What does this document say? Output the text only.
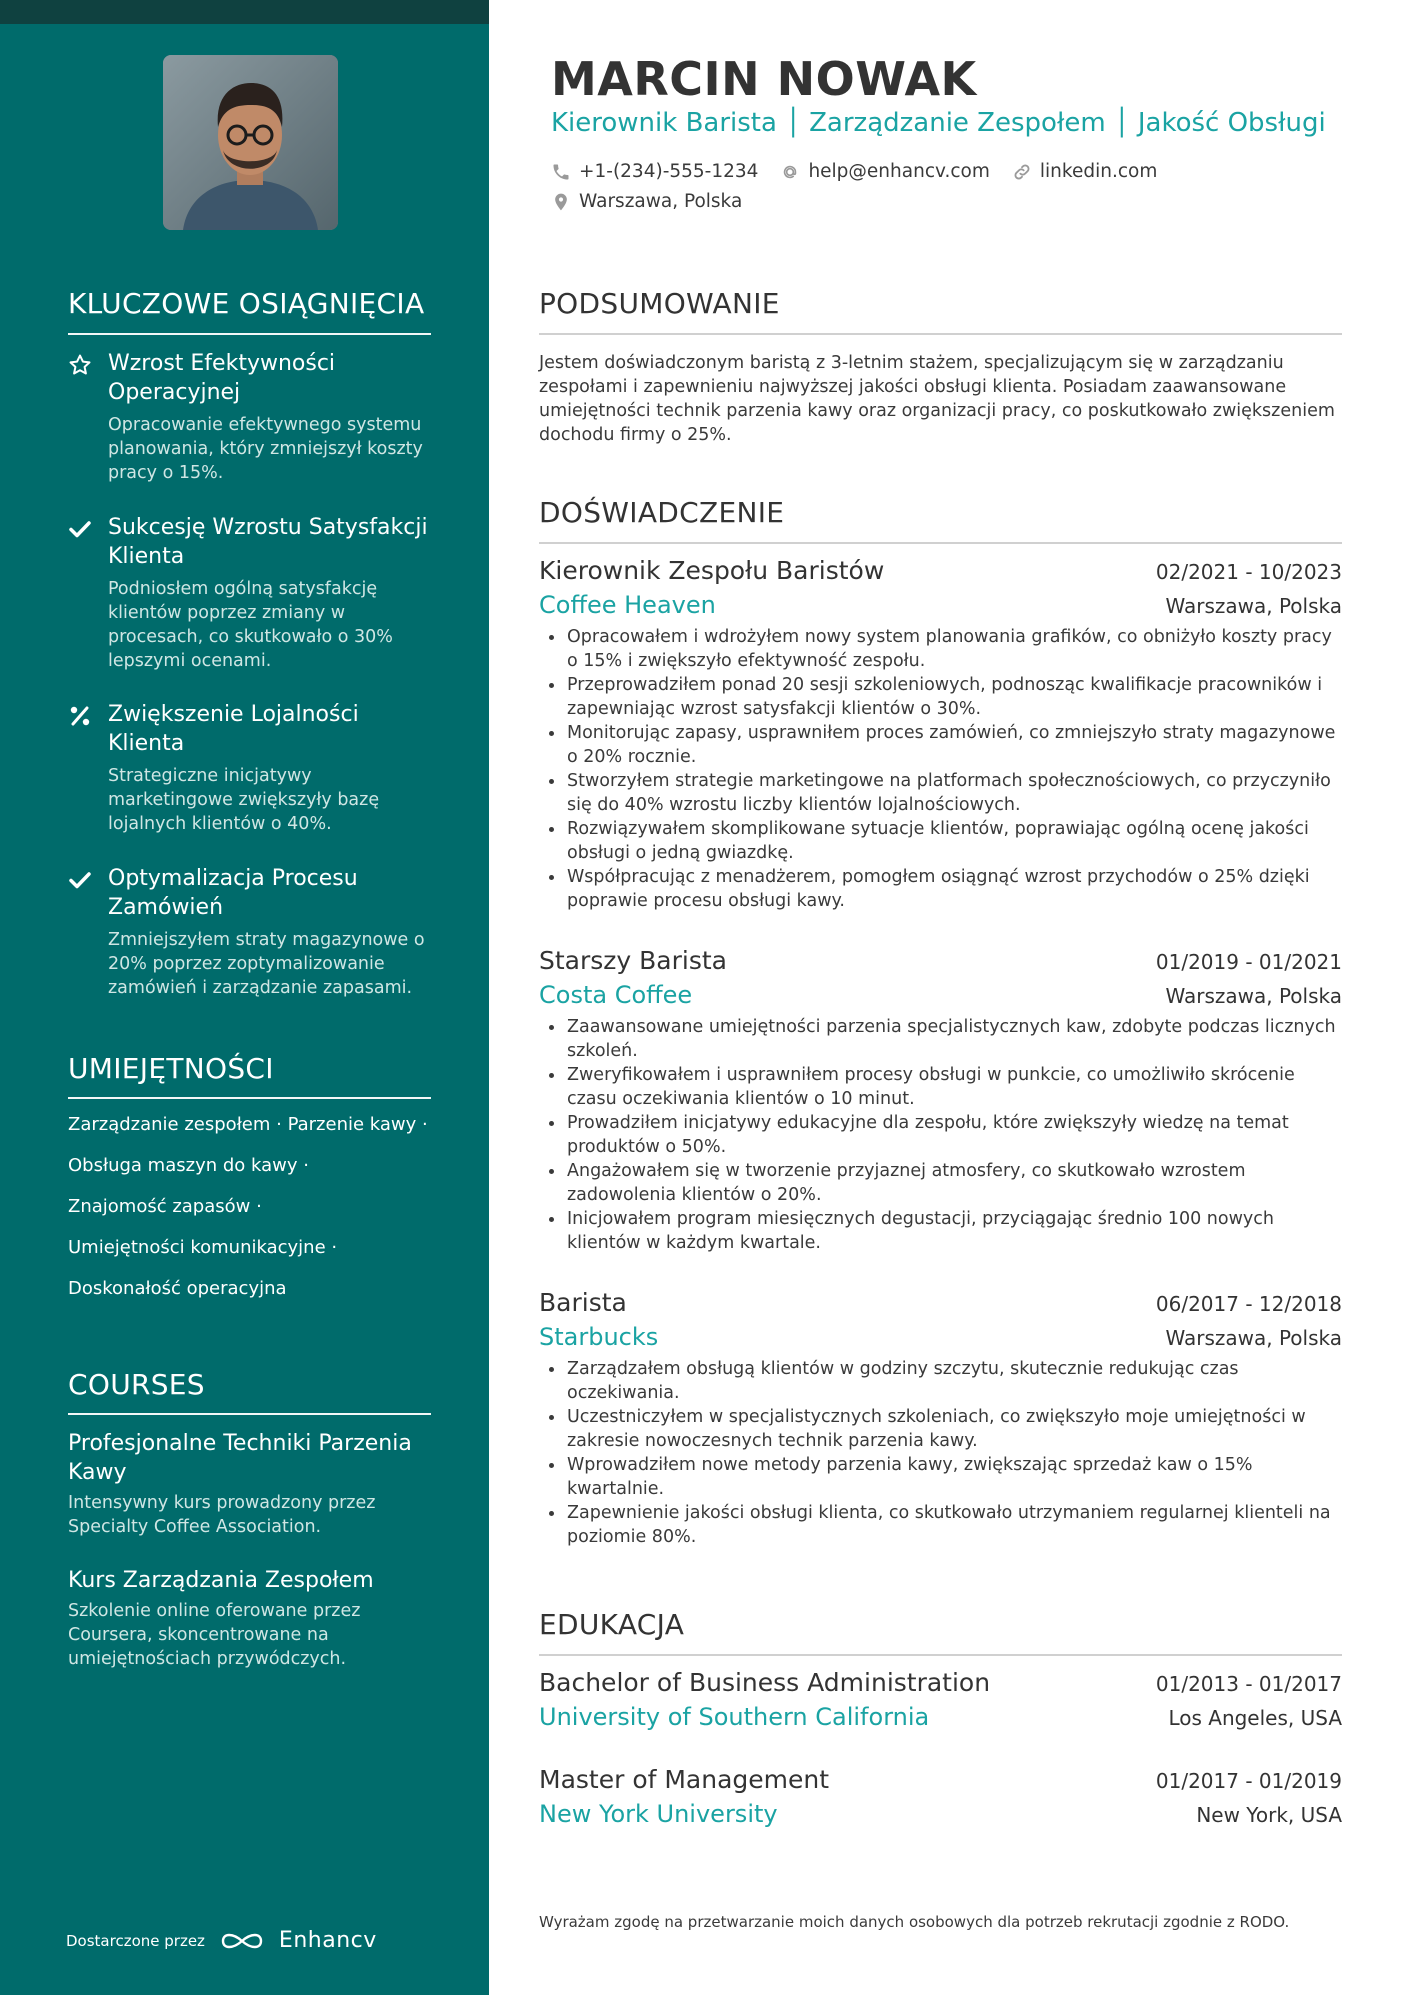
KLUCZOWE OSIĄGNIĘCIA
Wzrost Efektywności Operacyjnej
Opracowanie efektywnego systemu planowania, który zmniejszył koszty pracy o 15%.
Sukcesję Wzrostu Satysfakcji Klienta
Podniosłem ogólną satysfakcję klientów poprzez zmiany w procesach, co skutkowało o 30% lepszymi ocenami.
Zwiększenie Lojalności Klienta
Strategiczne inicjatywy marketingowe zwiększyły bazę lojalnych klientów o 40%.
Optymalizacja Procesu Zamówień
Zmniejszyłem straty magazynowe o 20% poprzez zoptymalizowanie zamówień i zarządzanie zapasami.
UMIEJĘTNOŚCI
Zarządzanie zespołem · Parzenie kawy ·
Obsługa maszyn do kawy ·
Znajomość zapasów ·
Umiejętności komunikacyjne ·
Doskonałość operacyjna
COURSES
Profesjonalne Techniki Parzenia Kawy
Intensywny kurs prowadzony przez Specialty Coffee Association.
Kurs Zarządzania Zespołem
Szkolenie online oferowane przez Coursera, skoncentrowane na umiejętnościach przywódczych.
Dostarczone przez	Enhancv
MARCIN NOWAK
Kierownik Barista │ Zarządzanie Zespołem │ Jakość Obsługi
+1-(234)-555-1234	help@enhancv.com	linkedin.com
Warszawa, Polska
PODSUMOWANIE
Jestem doświadczonym baristą z 3-letnim stażem, specjalizującym się w zarządzaniu zespołami i zapewnieniu najwyższej jakości obsługi klienta. Posiadam zaawansowane umiejętności technik parzenia kawy oraz organizacji pracy, co poskutkowało zwiększeniem dochodu firmy o 25%.
DOŚWIADCZENIE
Kierownik Zespołu Baristów	02/2021 - 10/2023
Coffee Heaven	Warszawa, Polska
Opracowałem i wdrożyłem nowy system planowania grafików, co obniżyło koszty pracy o 15% i zwiększyło efektywność zespołu.
Przeprowadziłem ponad 20 sesji szkoleniowych, podnosząc kwalifikacje pracowników i zapewniając wzrost satysfakcji klientów o 30%.
Monitorując zapasy, usprawniłem proces zamówień, co zmniejszyło straty magazynowe o 20% rocznie.
Stworzyłem strategie marketingowe na platformach społecznościowych, co przyczyniło się do 40% wzrostu liczby klientów lojalnościowych.
Rozwiązywałem skomplikowane sytuacje klientów, poprawiając ogólną ocenę jakości obsługi o jedną gwiazdkę.
Współpracując z menadżerem, pomogłem osiągnąć wzrost przychodów o 25% dzięki poprawie procesu obsługi kawy.
Starszy Barista	01/2019 - 01/2021
Costa Coffee	Warszawa, Polska
Zaawansowane umiejętności parzenia specjalistycznych kaw, zdobyte podczas licznych szkoleń.
Zweryfikowałem i usprawniłem procesy obsługi w punkcie, co umożliwiło skrócenie czasu oczekiwania klientów o 10 minut.
Prowadziłem inicjatywy edukacyjne dla zespołu, które zwiększyły wiedzę na temat produktów o 50%.
Angażowałem się w tworzenie przyjaznej atmosfery, co skutkowało wzrostem zadowolenia klientów o 20%.
Inicjowałem program miesięcznych degustacji, przyciągając średnio 100 nowych klientów w każdym kwartale.
Barista	06/2017 - 12/2018
Starbucks	Warszawa, Polska
Zarządzałem obsługą klientów w godziny szczytu, skutecznie redukując czas oczekiwania.
Uczestniczyłem w specjalistycznych szkoleniach, co zwiększyło moje umiejętności w zakresie nowoczesnych technik parzenia kawy.
Wprowadziłem nowe metody parzenia kawy, zwiększając sprzedaż kaw o 15% kwartalnie.
Zapewnienie jakości obsługi klienta, co skutkowało utrzymaniem regularnej klienteli na poziomie 80%.
EDUKACJA
Bachelor of Business Administration	01/2013 - 01/2017
University of Southern California	Los Angeles, USA
Master of Management	01/2017 - 01/2019
New York University	New York, USA
Wyrażam zgodę na przetwarzanie moich danych osobowych dla potrzeb rekrutacji zgodnie z RODO.
